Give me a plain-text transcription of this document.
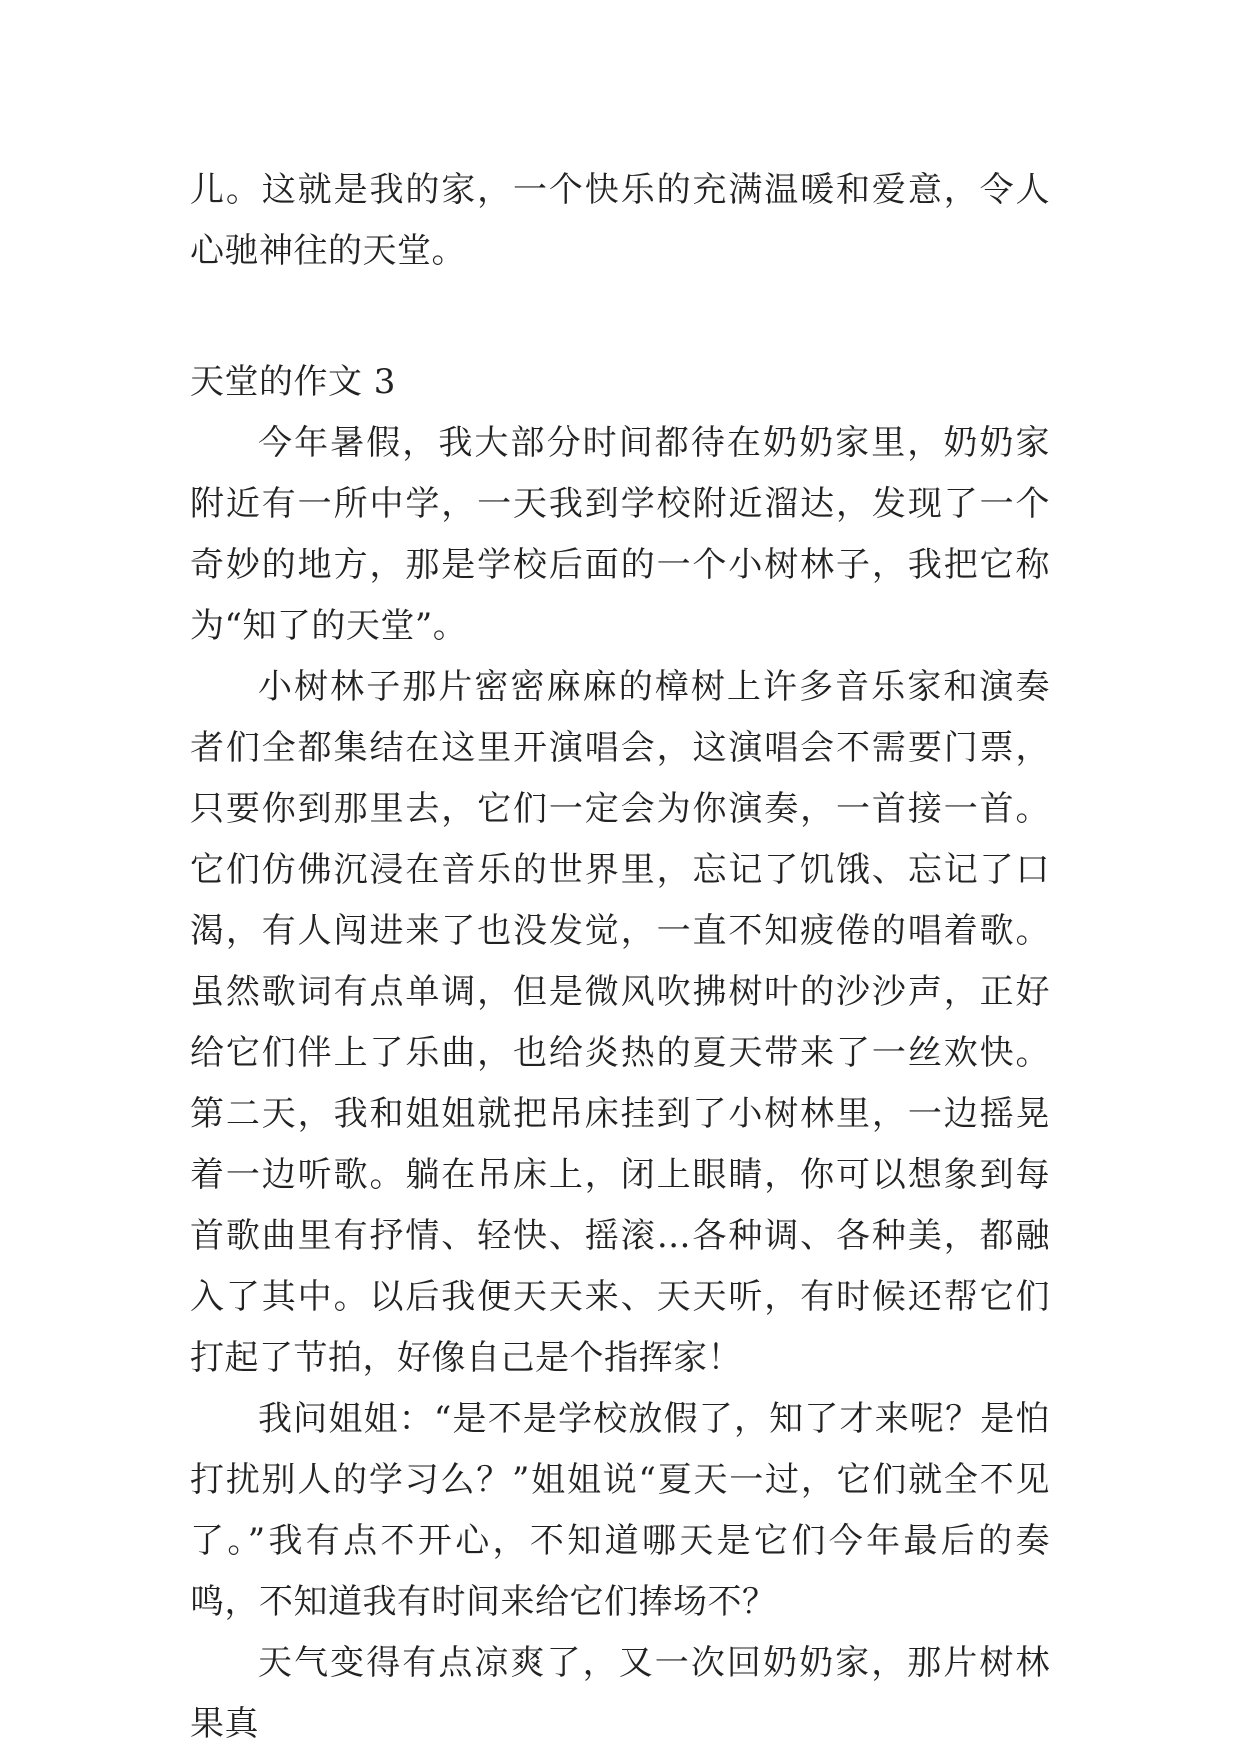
儿。这就是我的家，一个快乐的充满温暖和爱意，令人心驰神往的天堂。

天堂的作文 3

今年暑假，我大部分时间都待在奶奶家里，奶奶家附近有一所中学，一天我到学校附近溜达，发现了一个奇妙的地方，那是学校后面的一个小树林子，我把它称为“知了的天堂”。

小树林子那片密密麻麻的樟树上许多音乐家和演奏者们全都集结在这里开演唱会，这演唱会不需要门票，只要你到那里去，它们一定会为你演奏，一首接一首。它们仿佛沉浸在音乐的世界里，忘记了饥饿、忘记了口渴，有人闯进来了也没发觉，一直不知疲倦的唱着歌。虽然歌词有点单调，但是微风吹拂树叶的沙沙声，正好给它们伴上了乐曲，也给炎热的夏天带来了一丝欢快。第二天，我和姐姐就把吊床挂到了小树林里，一边摇晃着一边听歌。躺在吊床上，闭上眼睛，你可以想象到每首歌曲里有抒情、轻快、摇滚…各种调、各种美，都融入了其中。以后我便天天来、天天听，有时候还帮它们打起了节拍，好像自己是个指挥家！

我问姐姐：“是不是学校放假了，知了才来呢？是怕打扰别人的学习么？”姐姐说“夏天一过，它们就全不见了。”我有点不开心，不知道哪天是它们今年最后的奏鸣，不知道我有时间来给它们捧场不？

天气变得有点凉爽了，又一次回奶奶家，那片树林果真
